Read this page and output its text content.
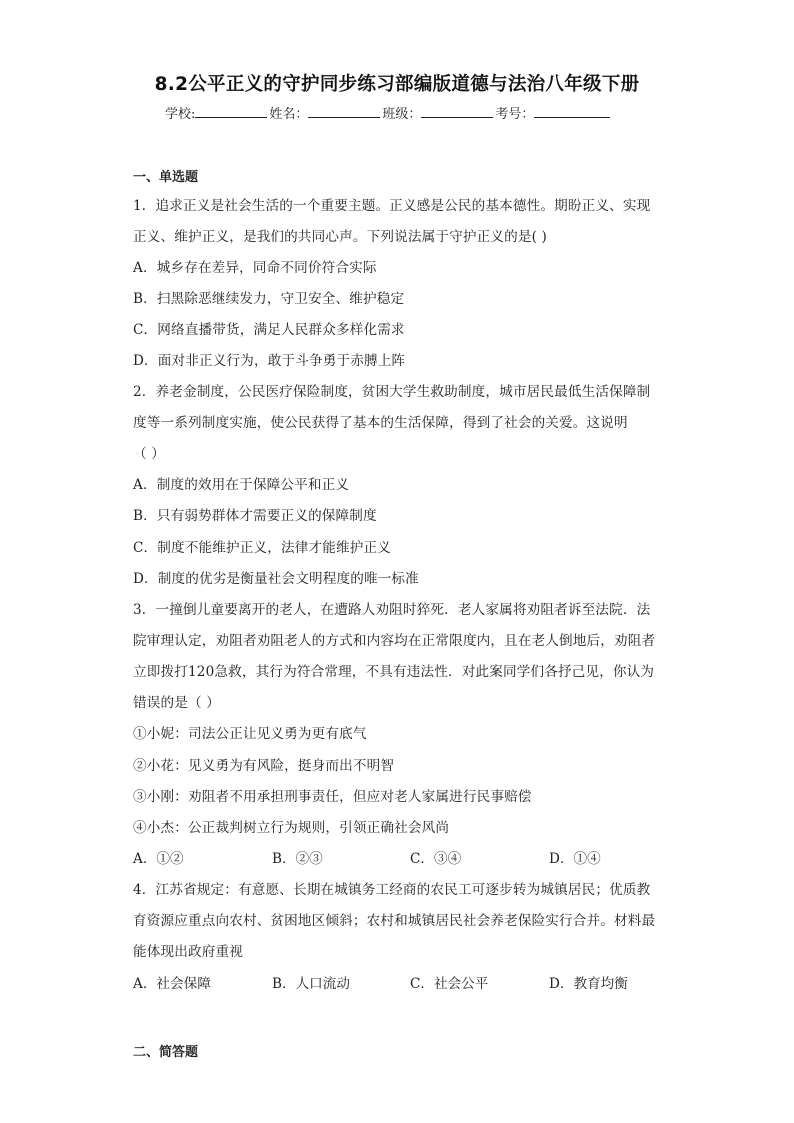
8.2公平正义的守护同步练习部编版道德与法治八年级下册
学校:	姓名：	班级：	考号：
一、单选题
1．追求正义是社会生活的一个重要主题。正义感是公民的基本德性。期盼正义、实现
正义、维护正义，是我们的共同心声。下列说法属于守护正义的是( )
A．城乡存在差异，同命不同价符合实际
B．扫黑除恶继续发力，守卫安全、维护稳定
C．网络直播带货，满足人民群众多样化需求
D．面对非正义行为，敢于斗争勇于赤膊上阵
2．养老金制度，公民医疗保险制度，贫困大学生救助制度，城市居民最低生活保障制
度等一系列制度实施，使公民获得了基本的生活保障，得到了社会的关爱。这说明
（ ）
A．制度的效用在于保障公平和正义
B．只有弱势群体才需要正义的保障制度
C．制度不能维护正义，法律才能维护正义
D．制度的优劣是衡量社会文明程度的唯一标准
3．一撞倒儿童要离开的老人，在遭路人劝阻时猝死．老人家属将劝阻者诉至法院．法
院审理认定，劝阻者劝阻老人的方式和内容均在正常限度内，且在老人倒地后，劝阻者
立即拨打120急救，其行为符合常理，不具有违法性．对此案同学们各抒己见，你认为
错误的是（ ）
①小妮：司法公正让见义勇为更有底气
②小花：见义勇为有风险，挺身而出不明智
③小刚：劝阻者不用承担刑事责任，但应对老人家属进行民事赔偿
④小杰：公正裁判树立行为规则，引领正确社会风尚
A．①②	B．②③	C．③④	D．①④
4．江苏省规定：有意愿、长期在城镇务工经商的农民工可逐步转为城镇居民；优质教
育资源应重点向农村、贫困地区倾斜；农村和城镇居民社会养老保险实行合并。材料最
能体现出政府重视
A．社会保障	B．人口流动	C．社会公平	D．教育均衡
二、简答题
